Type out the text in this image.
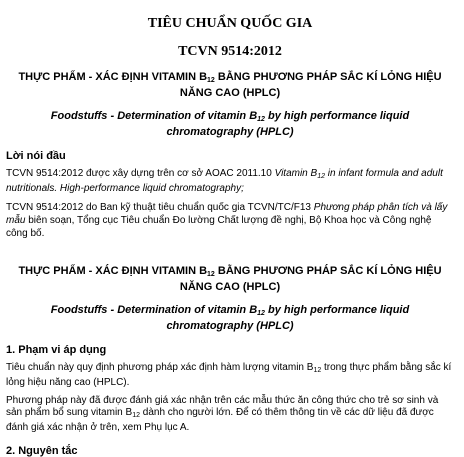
TIÊU CHUẨN QUỐC GIA
TCVN 9514:2012
THỰC PHẨM - XÁC ĐỊNH VITAMIN $B_{12}$ BẰNG PHƯƠNG PHÁP SẮC KÍ LỎNG HIỆU NĂNG CAO (HPLC)
Foodstuffs - Determination of vitamin $B_{12}$ by high performance liquid chromatography (HPLC)
Lời nói đầu
TCVN 9514:2012 được xây dựng trên cơ sở AOAC 2011.10 Vitamin $B_{12}$ in infant formula and adult nutritionals. High-performance liquid chromatography;
TCVN 9514:2012 do Ban kỹ thuật tiêu chuẩn quốc gia TCVN/TC/F13 Phương pháp phân tích và lấy mẫu biên soạn, Tổng cục Tiêu chuẩn Đo lường Chất lượng đề nghị, Bộ Khoa học và Công nghệ công bố.
THỰC PHẨM - XÁC ĐỊNH VITAMIN $B_{12}$ BẰNG PHƯƠNG PHÁP SẮC KÍ LỎNG HIỆU NĂNG CAO (HPLC)
Foodstuffs - Determination of vitamin $B_{12}$ by high performance liquid chromatography (HPLC)
1. Phạm vi áp dụng
Tiêu chuẩn này quy định phương pháp xác định hàm lượng vitamin $B_{12}$ trong thực phẩm bằng sắc kí lỏng hiệu năng cao (HPLC).
Phương pháp này đã được đánh giá xác nhận trên các mẫu thức ăn công thức cho trẻ sơ sinh và sản phẩm bổ sung vitamin $B_{12}$ dành cho người lớn. Để có thêm thông tin về các dữ liệu đã được đánh giá xác nhận ở trên, xem Phụ lục A.
2. Nguyên tắc
